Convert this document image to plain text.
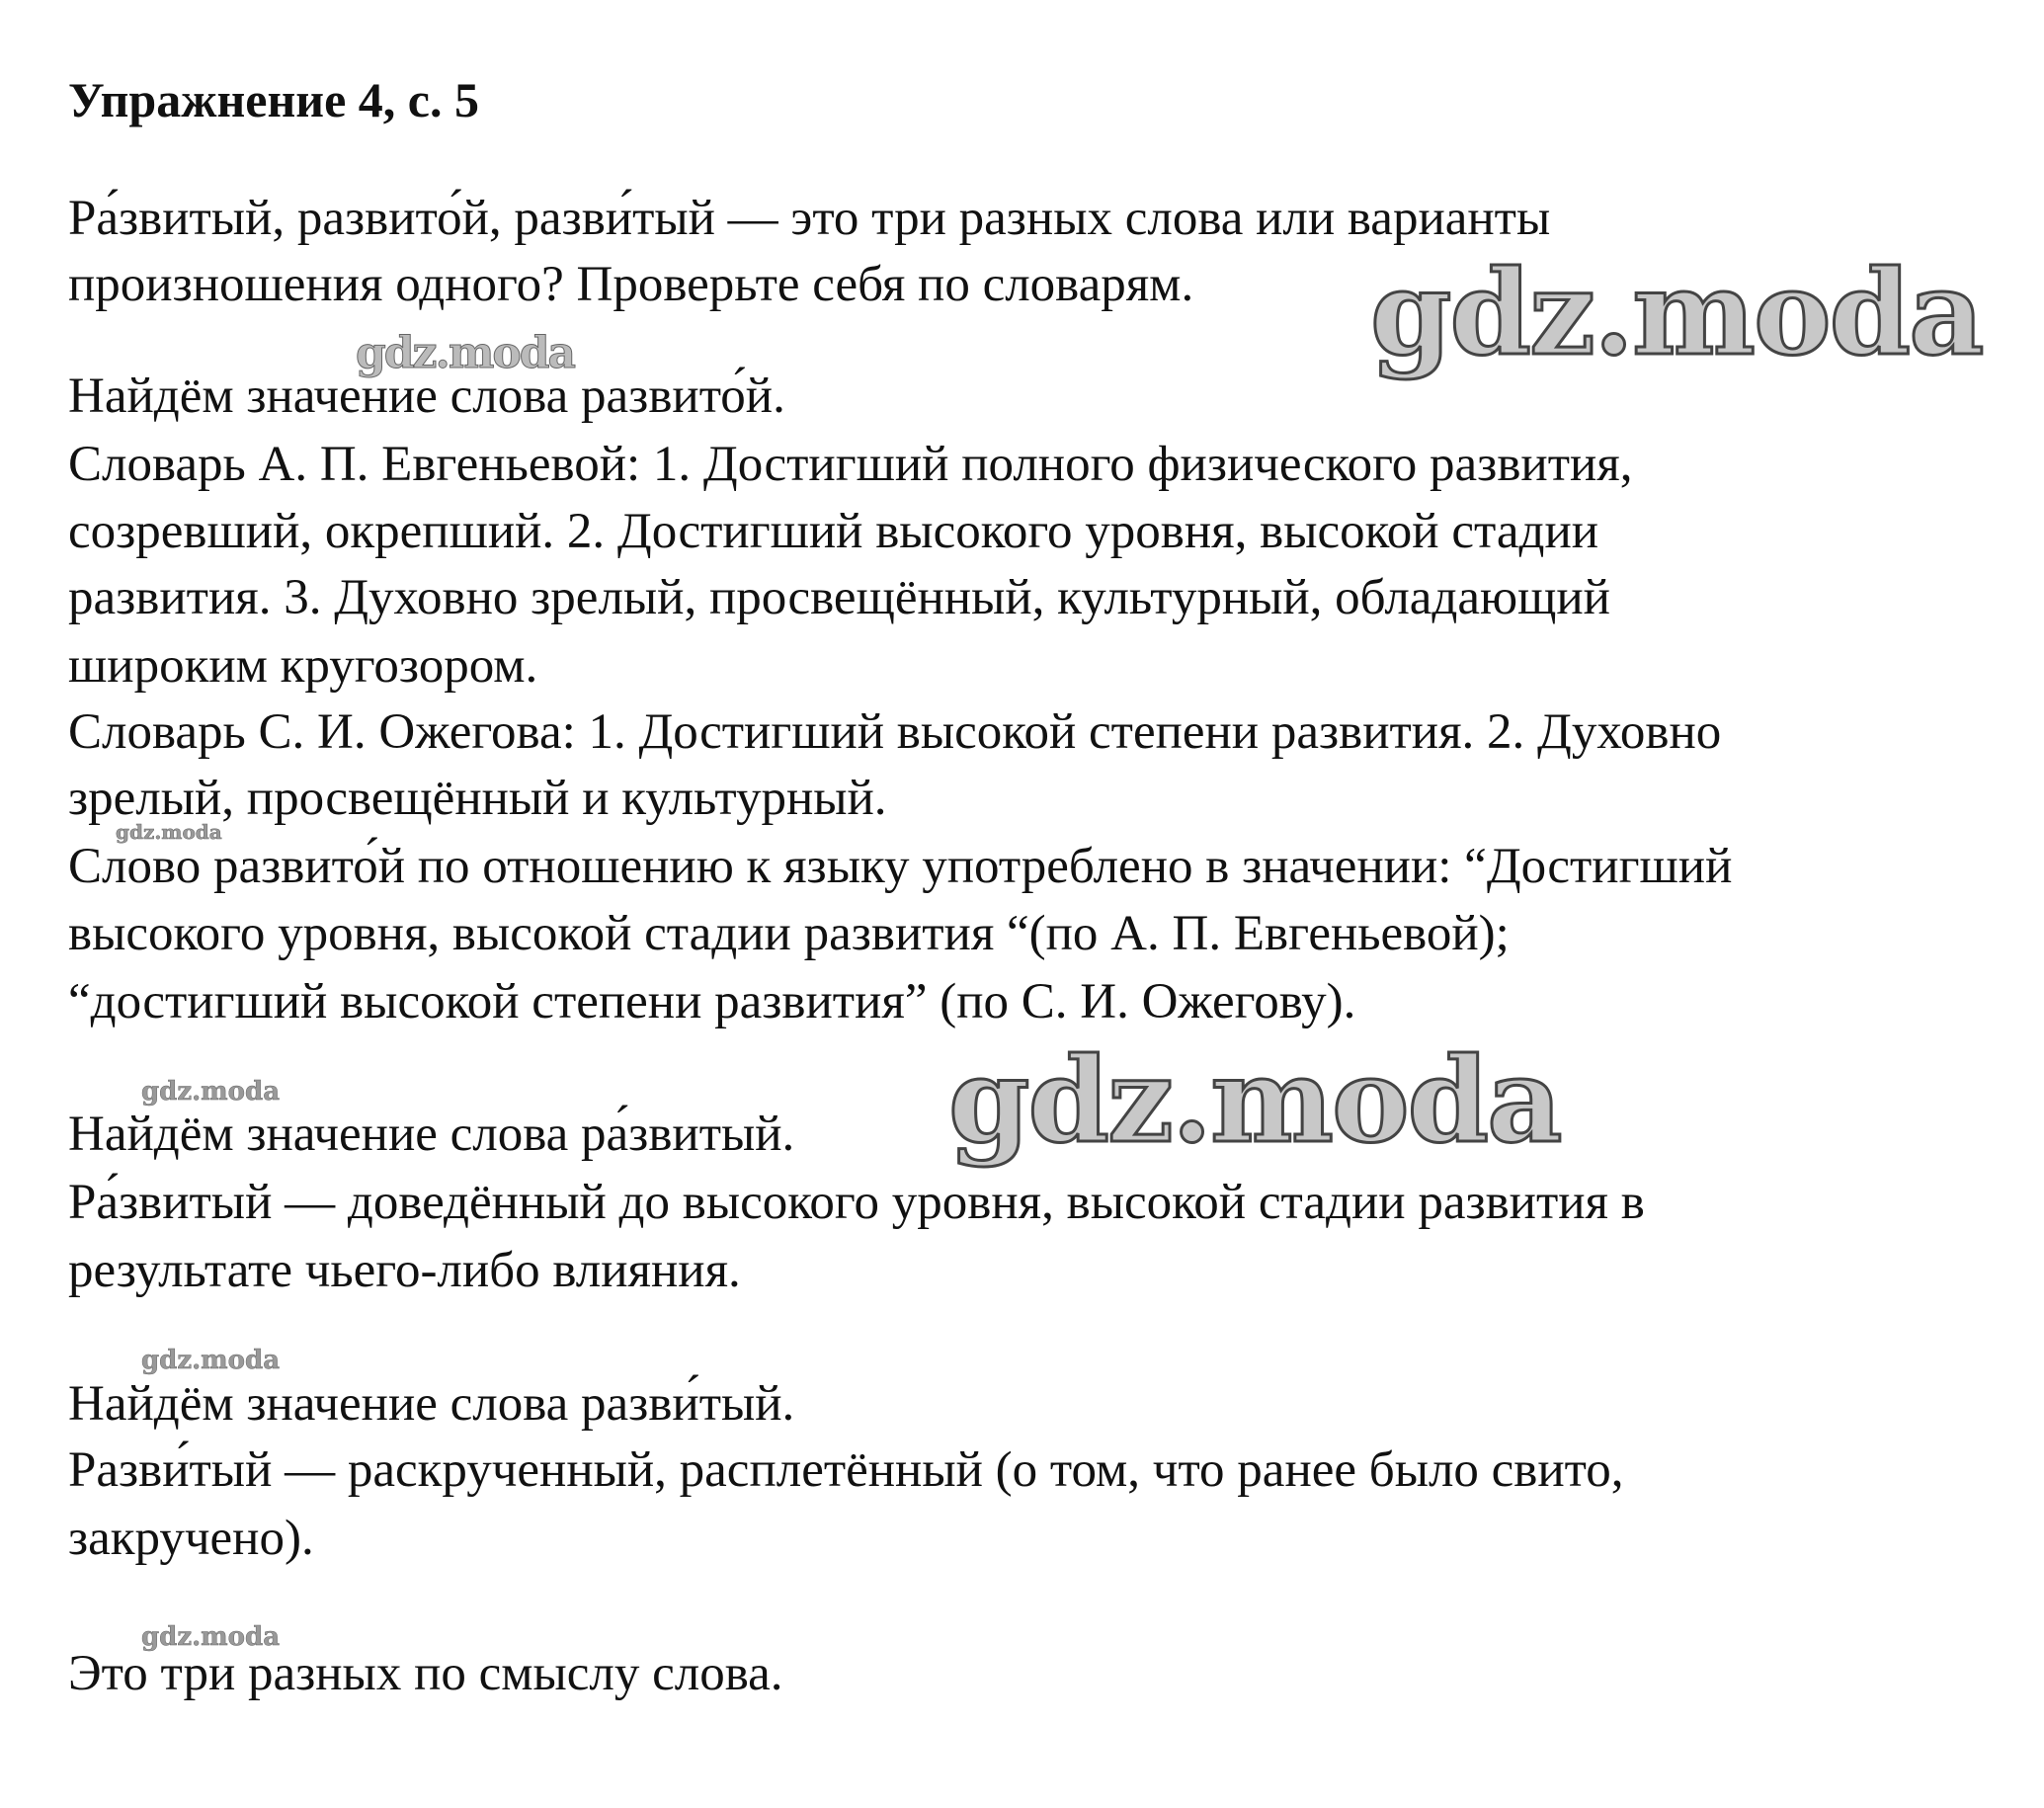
Упражнение 4, с. 5
Ра́звитый, развито́й, разви́тый — это три разных слова или варианты
произношения одного? Проверьте себя по словарям.
Найдём значение слова развито́й.
Словарь А. П. Евгеньевой: 1. Достигший полного физического развития,
созревший, окрепший. 2. Достигший высокого уровня, высокой стадии
развития. 3. Духовно зрелый, просвещённый, культурный, обладающий
широким кругозором.
Словарь С. И. Ожегова: 1. Достигший высокой степени развития. 2. Духовно
зрелый, просвещённый и культурный.
Слово развито́й по отношению к языку употреблено в значении: “Достигший
высокого уровня, высокой стадии развития “(по А. П. Евгеньевой);
“достигший высокой степени развития” (по С. И. Ожегову).
Найдём значение слова ра́звитый.
Ра́звитый — доведённый до высокого уровня, высокой стадии развития в
результате чьего-либо влияния.
Найдём значение слова разви́тый.
Разви́тый — раскрученный, расплетённый (о том, что ранее было свито,
закручено).
Это три разных по смыслу слова.
gdz.moda
gdz.moda
gdz.moda
gdz.moda
gdz.moda
gdz.moda
gdz.moda
